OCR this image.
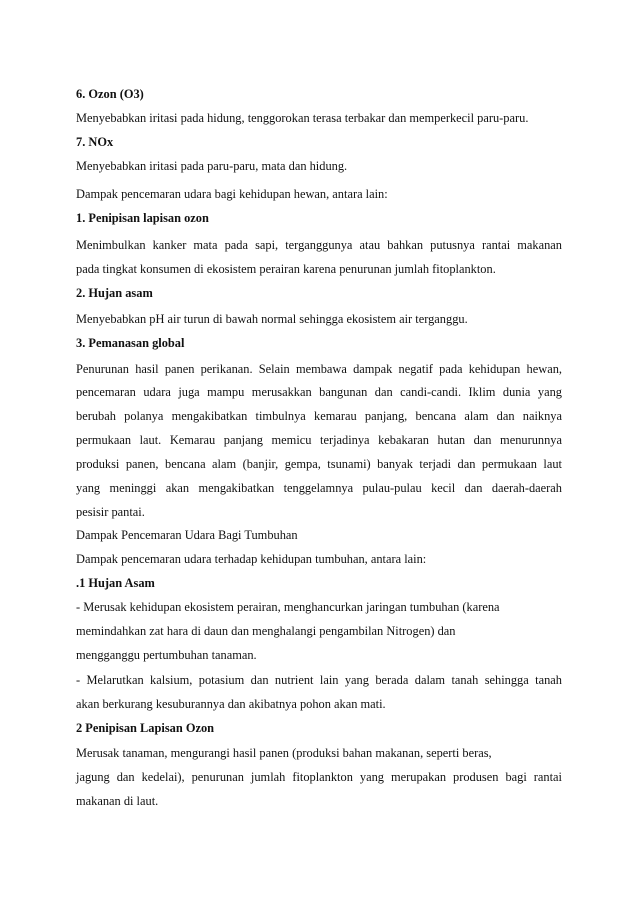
6. Ozon (O3)
Menyebabkan iritasi pada hidung, tenggorokan terasa terbakar dan memperkecil paru-paru.
7. NOx
Menyebabkan iritasi pada paru-paru, mata dan hidung.
Dampak pencemaran udara bagi kehidupan hewan, antara lain:
1. Penipisan lapisan ozon
Menimbulkan kanker mata pada sapi, terganggunya atau bahkan putusnya rantai makanan
pada tingkat konsumen di ekosistem perairan karena penurunan jumlah fitoplankton.
2. Hujan asam
Menyebabkan pH air turun di bawah normal sehingga ekosistem air terganggu.
3. Pemanasan global
Penurunan hasil panen perikanan. Selain membawa dampak negatif pada kehidupan hewan,
pencemaran udara juga mampu merusakkan bangunan dan candi-candi. Iklim dunia yang
berubah polanya mengakibatkan timbulnya kemarau panjang, bencana alam dan naiknya
permukaan laut. Kemarau panjang memicu terjadinya kebakaran hutan dan menurunnya
produksi panen, bencana alam (banjir, gempa, tsunami) banyak terjadi dan permukaan laut
yang meninggi akan mengakibatkan tenggelamnya pulau-pulau kecil dan daerah-daerah
pesisir pantai.
Dampak Pencemaran Udara Bagi Tumbuhan
Dampak pencemaran udara terhadap kehidupan tumbuhan, antara lain:
.1 Hujan Asam
- Merusak kehidupan ekosistem perairan, menghancurkan jaringan tumbuhan (karena
memindahkan zat hara di daun dan menghalangi pengambilan Nitrogen) dan
mengganggu pertumbuhan tanaman.
- Melarutkan kalsium, potasium dan nutrient lain yang berada dalam tanah sehingga tanah
akan berkurang kesuburannya dan akibatnya pohon akan mati.
2 Penipisan Lapisan Ozon
Merusak tanaman, mengurangi hasil panen (produksi bahan makanan, seperti beras,
jagung dan kedelai), penurunan jumlah fitoplankton yang merupakan produsen bagi rantai
makanan di laut.
